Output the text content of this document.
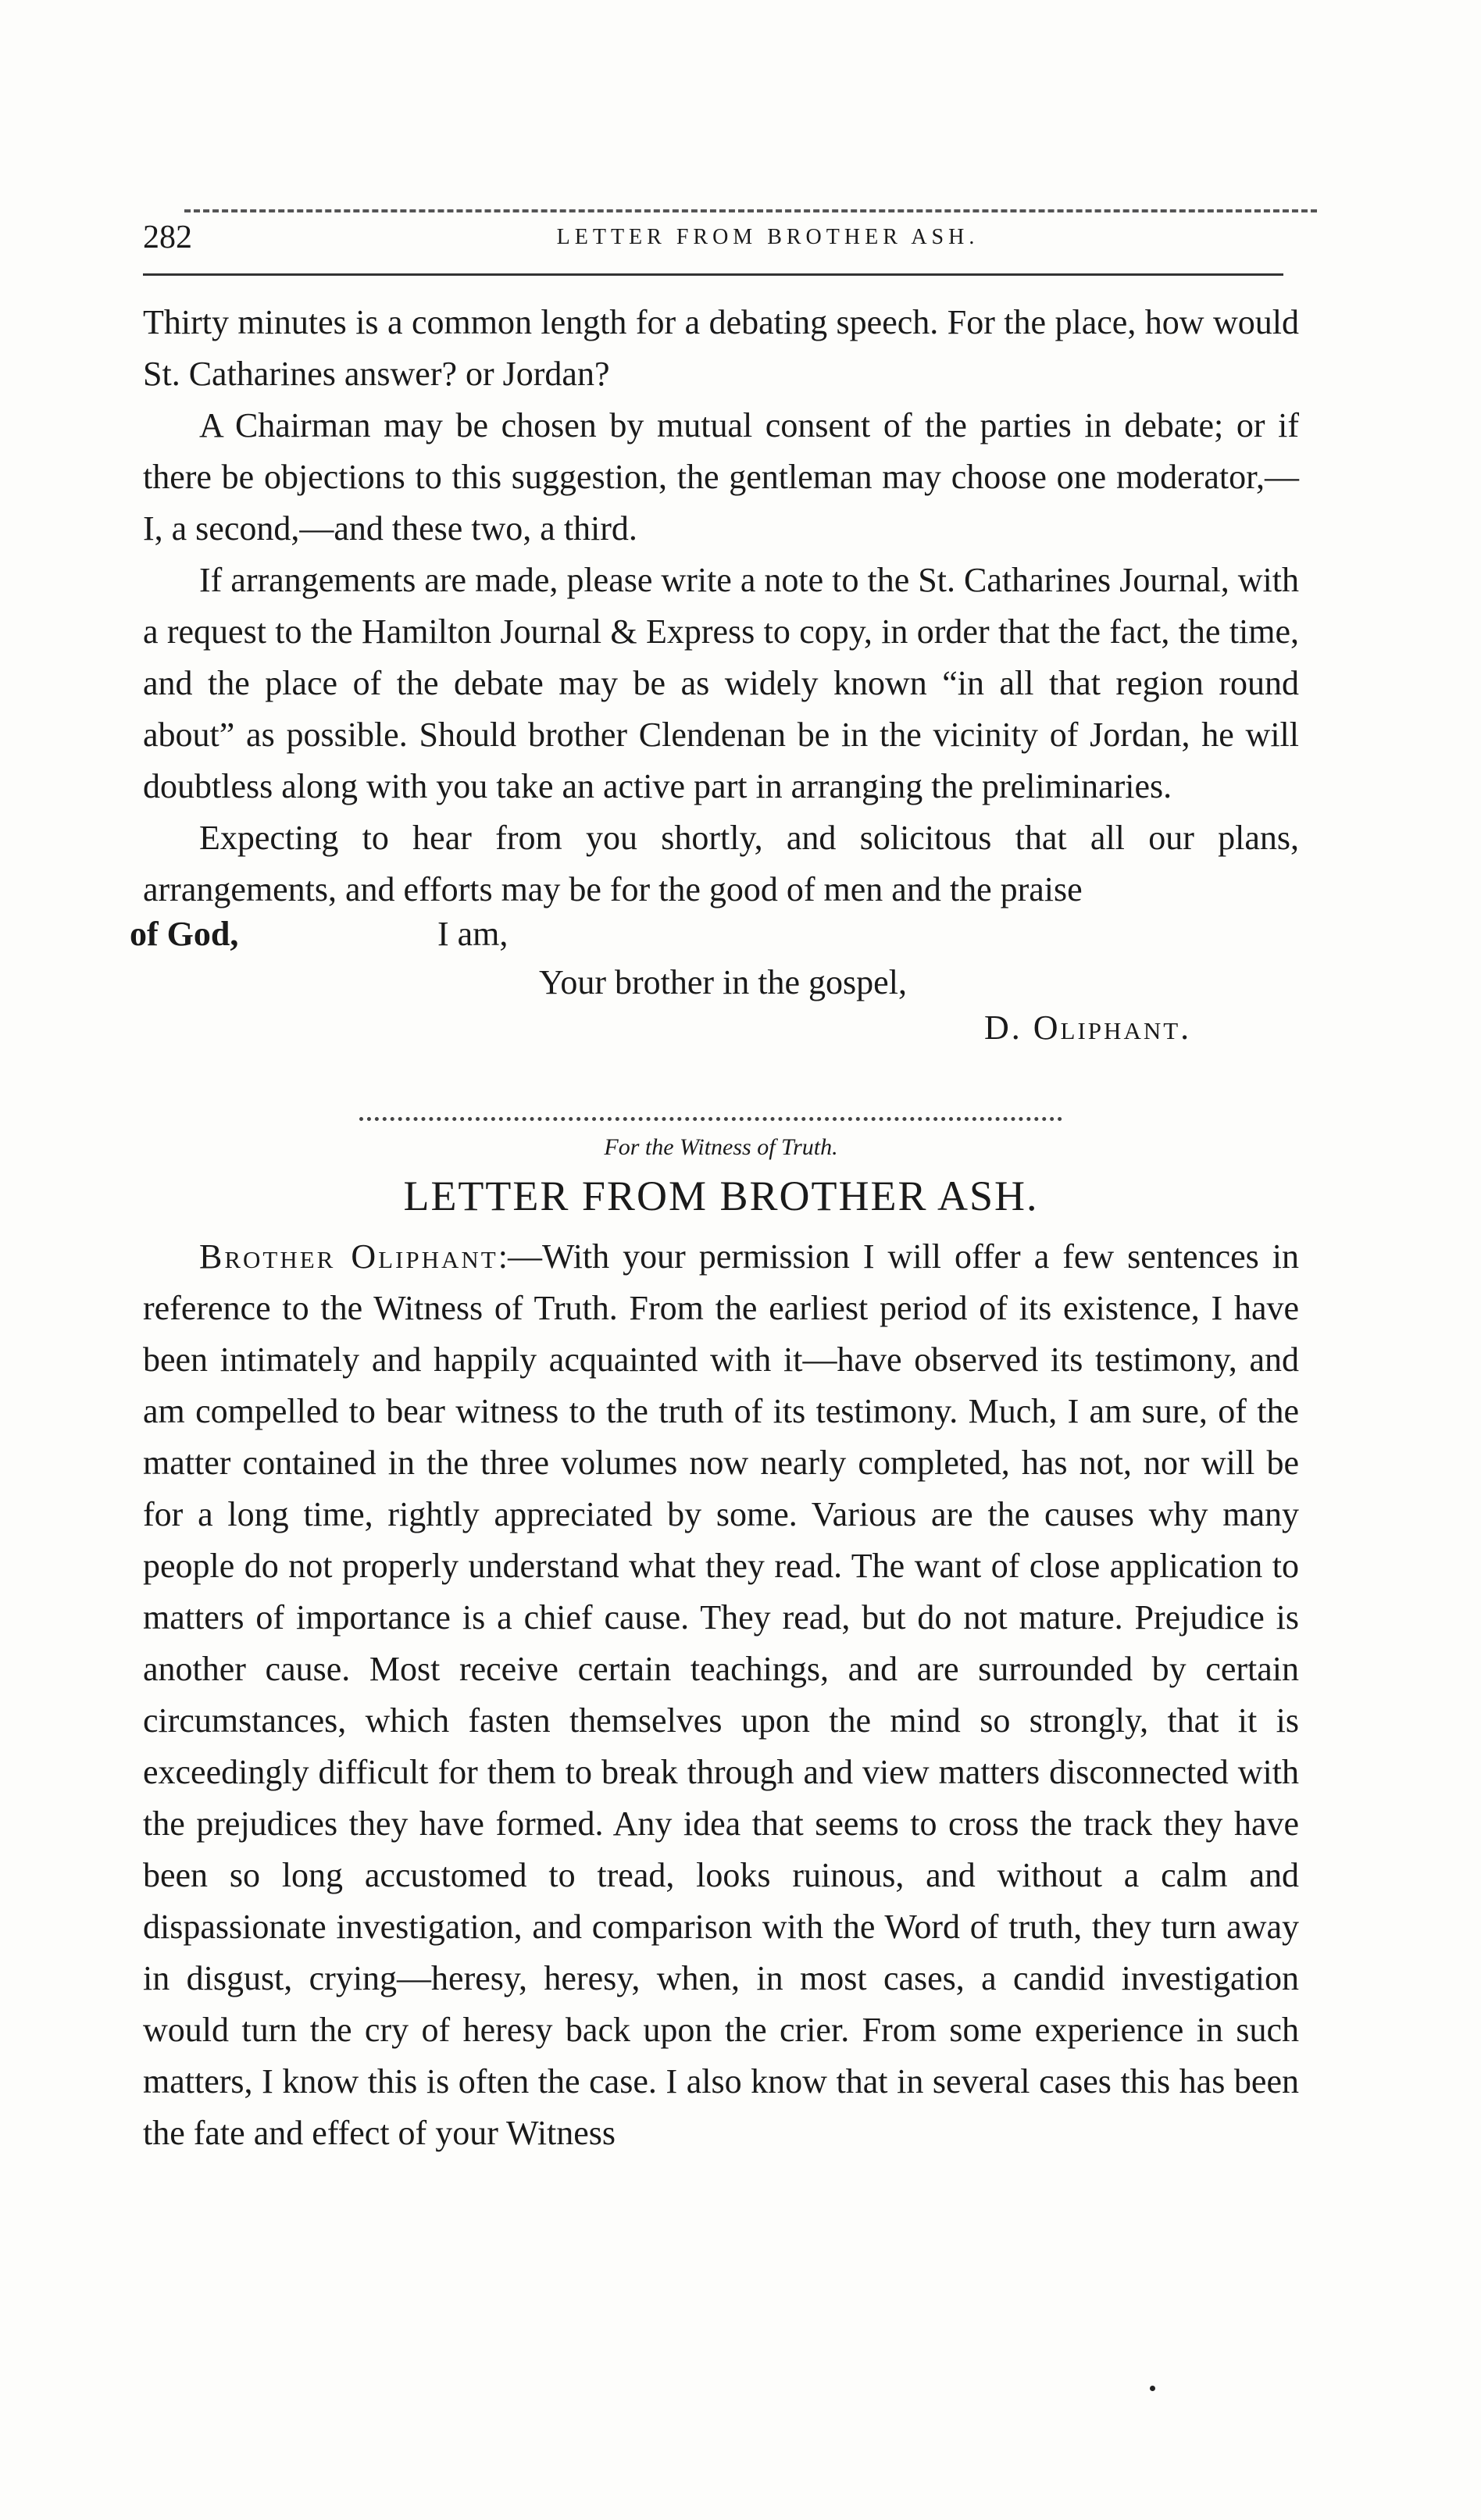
282	LETTER FROM BROTHER ASH.

Thirty minutes is a common length for a debating speech. For the place, how would St. Catharines answer? or Jordan?

A Chairman may be chosen by mutual consent of the parties in debate; or if there be objections to this suggestion, the gentleman may choose one moderator,—I, a second,—and these two, a third.

If arrangements are made, please write a note to the St. Catharines Journal, with a request to the Hamilton Journal & Express to copy, in order that the fact, the time, and the place of the debate may be as widely known “in all that region round about” as possible. Should brother Clendenan be in the vicinity of Jordan, he will doubtless along with you take an active part in arranging the preliminaries.

Expecting to hear from you shortly, and solicitous that all our plans, arrangements, and efforts may be for the good of men and the praise

of God,	I am,
Your brother in the gospel,
D. Oliphant.
For the Witness of Truth.
LETTER FROM BROTHER ASH.

Brother Oliphant:—With your permission I will offer a few sentences in reference to the Witness of Truth. From the earliest period of its existence, I have been intimately and happily acquainted with it—have observed its testimony, and am compelled to bear witness to the truth of its testimony. Much, I am sure, of the matter contained in the three volumes now nearly completed, has not, nor will be for a long time, rightly appreciated by some. Various are the causes why many people do not properly understand what they read. The want of close application to matters of importance is a chief cause. They read, but do not mature. Prejudice is another cause. Most receive certain teachings, and are surrounded by certain circumstances, which fasten themselves upon the mind so strongly, that it is exceedingly difficult for them to break through and view matters disconnected with the prejudices they have formed. Any idea that seems to cross the track they have been so long accustomed to tread, looks ruinous, and without a calm and dispassionate investigation, and comparison with the Word of truth, they turn away in disgust, crying—heresy, heresy, when, in most cases, a candid investigation would turn the cry of heresy back upon the crier. From some experience in such matters, I know this is often the case. I also know that in several cases this has been the fate and effect of your Witness
